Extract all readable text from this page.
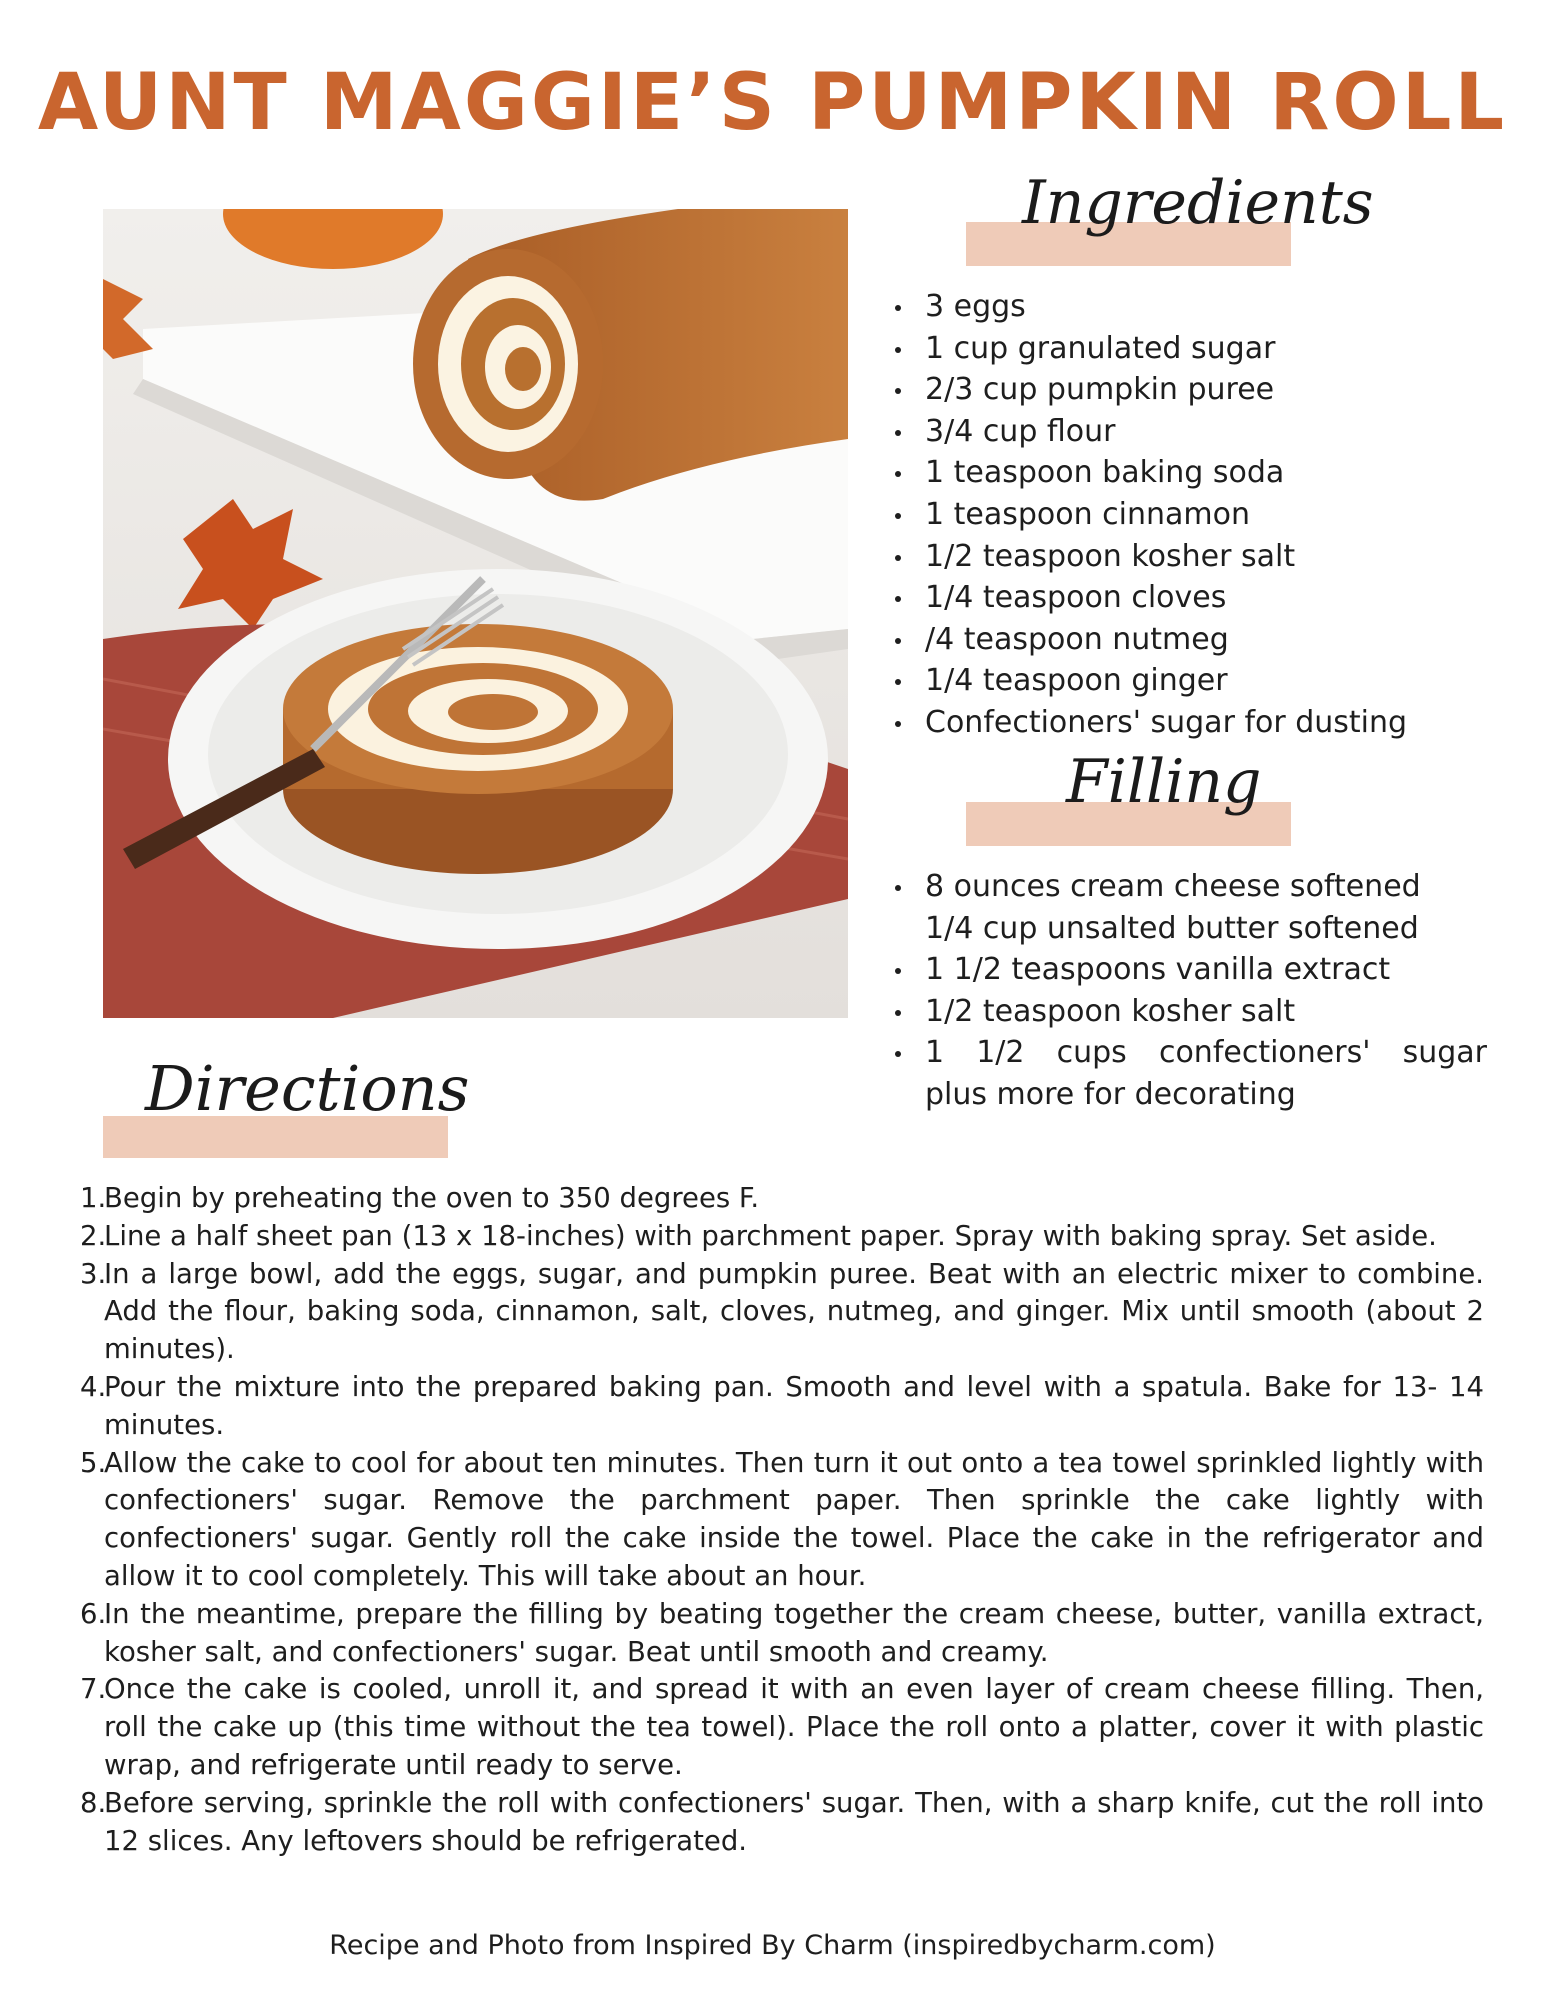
AUNT MAGGIE’S PUMPKIN ROLL
Ingredients
3 eggs
1 cup granulated sugar
2/3 cup pumpkin puree
3/4 cup flour
1 teaspoon baking soda
1 teaspoon cinnamon
1/2 teaspoon kosher salt
1/4 teaspoon cloves
/4 teaspoon nutmeg
1/4 teaspoon ginger
Confectioners' sugar for dusting
Filling
8 ounces cream cheese softened
1/4 cup unsalted butter softened
1 1/2 teaspoons vanilla extract
1/2 teaspoon kosher salt
1 1/2 cups confectioners' sugar
plus more for decorating
Directions
1.
Begin by preheating the oven to 350 degrees F.
2.
Line a half sheet pan (13 x 18-inches) with parchment paper. Spray with baking spray. Set aside.
3.
In a large bowl, add the eggs, sugar, and pumpkin puree. Beat with an electric mixer to combine. Add the flour, baking soda, cinnamon, salt, cloves, nutmeg, and ginger. Mix until smooth (about 2 minutes).
4.
Pour the mixture into the prepared baking pan. Smooth and level with a spatula. Bake for 13- 14 minutes.
5.
Allow the cake to cool for about ten minutes. Then turn it out onto a tea towel sprinkled lightly with confectioners' sugar. Remove the parchment paper. Then sprinkle the cake lightly with confectioners' sugar. Gently roll the cake inside the towel. Place the cake in the refrigerator and allow it to cool completely. This will take about an hour.
6.
In the meantime, prepare the filling by beating together the cream cheese, butter, vanilla extract, kosher salt, and confectioners' sugar. Beat until smooth and creamy.
7.
Once the cake is cooled, unroll it, and spread it with an even layer of cream cheese filling. Then, roll the cake up (this time without the tea towel). Place the roll onto a platter, cover it with plastic wrap, and refrigerate until ready to serve.
8.
Before serving, sprinkle the roll with confectioners' sugar. Then, with a sharp knife, cut the roll into 12 slices. Any leftovers should be refrigerated.
Recipe and Photo from Inspired By Charm (inspiredbycharm.com)
